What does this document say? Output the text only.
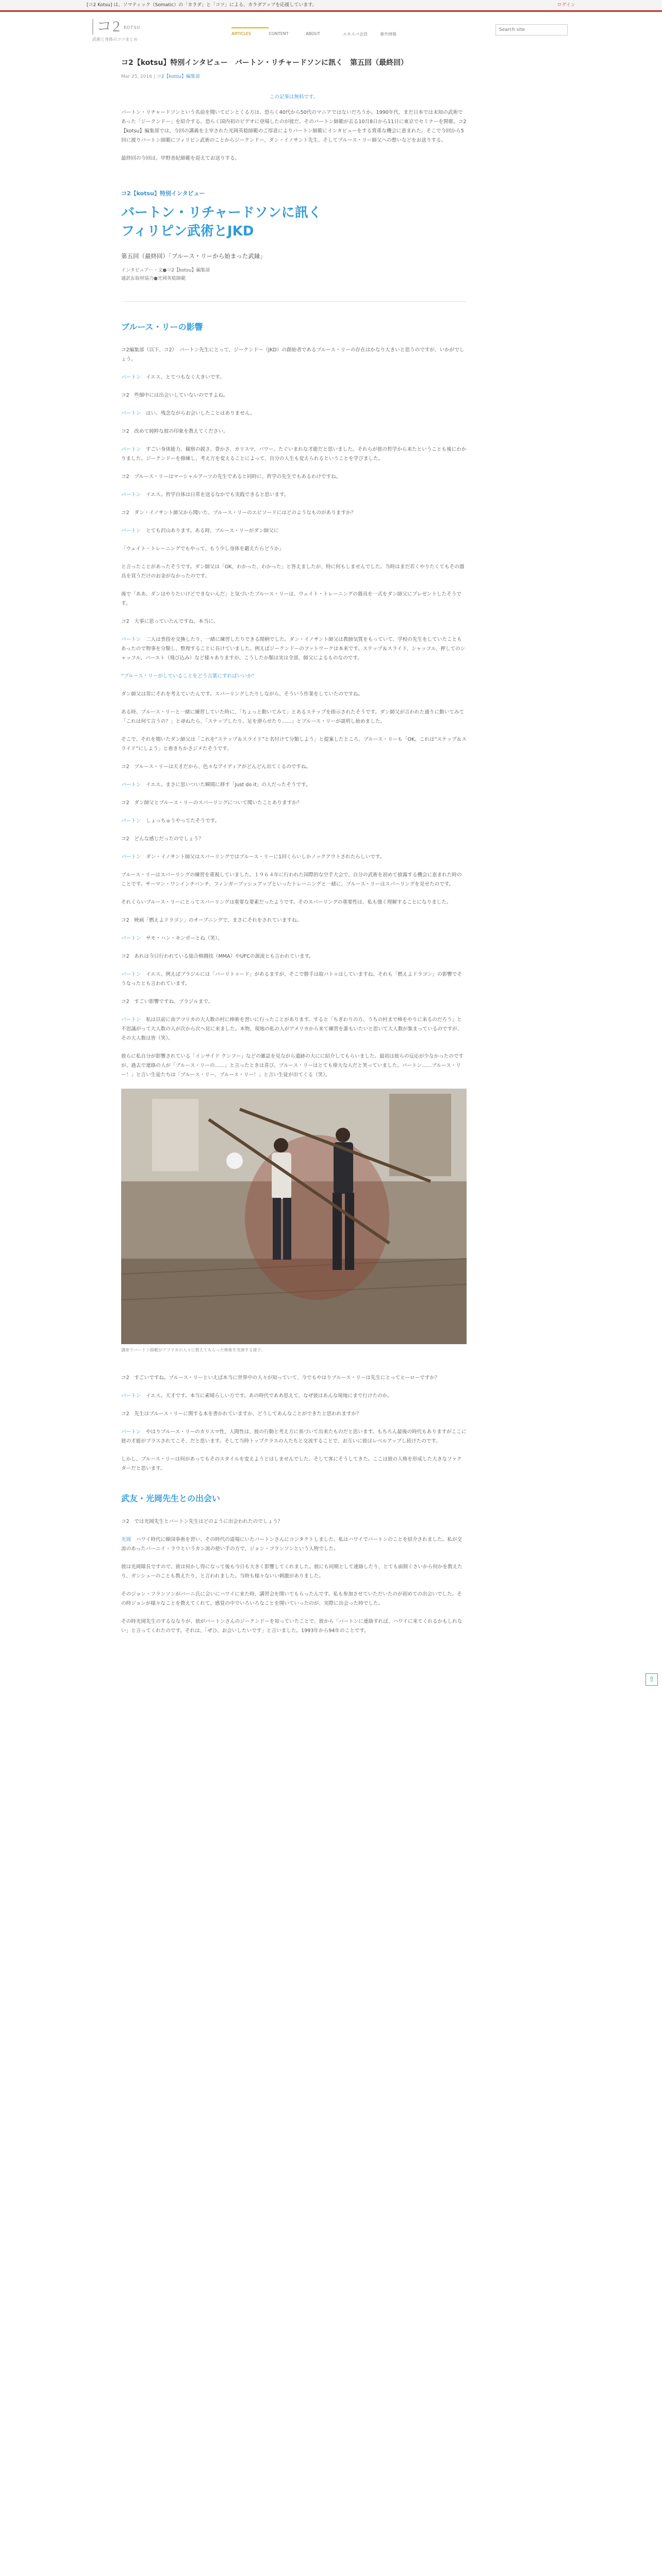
[コ2 Kotsu] は、ソマティック（Somatic）の「カラダ」と「コツ」による、カラダアップを応援しています。	ログイン
コ2 KOTSU
武術と身体のコツまとめ
ARTICLES	CONTENT	ABOUT	エキスパ会員	番外情報
Search site
コ2【kotsu】特別インタビュー　バートン・リチャードソンに訊く　第五回（最終回）
Mar 25, 2016 | コ2【kotsu】編集部
この記事は無料です。

バートン・リチャードソンという名前を聞いてピンとくる方は、恐らく40代から50代のマニアではないだろうか。1990年代、まだ日本では未知の武術であった「ジークンドー」を紹介する、恐らく国内初のビデオに登場したのが彼だ。そのバートン師範が去る10月8日から11日に東京でセミナーを開催。コ2【kotsu】編集部では、今回の講義を主宰された光岡英稔師範のご厚意によりバートン師範にインタビューをする貴重な機会に恵まれた。そこで今回から5回に渡りバートン師範にフィリピン武術のことからジークンドー、ダン・イノサント先生、そしてブルース・リー師父への想いなどをお送りする。

最終回の今回は、甲野善紀師範を迎えてお送りする。

コ2【kotsu】特別インタビュー
バートン・リチャードソンに訊く
フィリピン武術とJKD
第五回（最終回）「ブルース・リーから始まった武縁」

インタビュアー・文●コ2【kotsu】編集部

通訳＆取材協力●光岡英稔師範

ブルース・リーの影響

コ2編集部（以下、コ2）　バートン先生にとって、ジークンドー（JKD）の創始者であるブルース・リーの存在はかなり大きいと思うのですが、いかがでしょう。

バートン　 イエス、とてつもなく大きいです。

コ2　些細中には出会いしていないのですよね。

バートン　 はい。残念ながらお会いしたことはありません。

コ2　改めて純粋な彼の印象を教えてください。

バートン　 すごい身体能力、観察の鋭さ、豊かさ、カリスマ、パワー、たぐいまれな才能だと思いました。それらが彼の哲学から来たということも後にわかりました。ジークンドーを修練し、考え方を変えることによって、自分の人生も変えられるということを学びました。

コ2　ブルース・リーはマーシャルアーツの先生であると同時に、哲学の先生でもあるわけですね。

バートン　 イエス。哲学自体は日常を送るなかでも実践できると思います。

コ2　ダン・イノサント師父から聞いた、ブルース・リーのエピソードにはどのようなものがありますか？

バートン　 とても沢山あります。ある時、ブルース・リーがダン師父に

「ウェイト・トレーニングでもやって、もう少し身体を鍛えたらどうか」

と言ったことがあったそうです。ダン師父は「OK、わかった、わかった」と答えましたが、特に何もしませんでした。当時はまだ若くやりたくてもその器具を買うだけのお金がなかったのです。

後で「ああ、ダンはやりたいけどできないんだ」と気づいたブルース・リーは、ウェイト・トレーニングの器具を一式をダン師父にプレゼントしたそうです。

コ2　大事に思っていたんですね、本当に。

バートン　 二人は普段を交換したり、一緒に練習したりできる間柄でした。ダン・イノサント師父は教師気質をもっていて、学校の先生をしていたこともあったので物事を分類し、整理することに長けていました。例えばジークンドーのフットワークは本来です。ステップ＆スライド、シャッフル、押してのシャッフル、バースト（飛び込み）など様々ありますが、こうしたか類は実は全部、師父によるものなのです。

“ブルース・リーがしていることをどう言葉にすればいいか”

ダン師父は常にそれを考えていたんです。スパーリングしたりしながら、そういう作業をしていたのですね。

ある時、ブルース・リーと一緒に練習していた時に、「ちょっと動いてみて」とあるステップを指示されたそうです。ダン師父が言われた通りに動いてみて「これは何て言うの？」と尋ねたら、「ステップしたり、足を滑らせたり……」とブルース・リーが説明し始めました。

そこで、それを聞いたダン師父は「これを“ステップ＆スライド”と名付けて分類しよう」と提案したところ、ブルース・リーも「OK。これは“ステップ＆スライド”にしよう」と着きちかさジメたそうです。

コ2　ブルース・リーは天才だから、色々なアイディアがどんどん出てくるのですね。

バートン　 イエス。まさに思いついた瞬間に移す「Just do it」の人だったそうです。

コ2　ダン師父とブルース・リーのスパーリングについて聞いたことありますか？

バートン　 しょっちゅうやってたそうです。

コ2　どんな感じだったのでしょう？

バートン　 ダン・イノサント師父はスパーリングではブルース・リーに1回くらいしかノックアウトされたらしいです。

ブルース・リーはスパーリングの練習を重視していました。１９６４年に行われた国際的な空手大会で、自分の武術を初めて披露する機会に恵まれた時のことです。サーマン・ワンインチパンチ、フィンガーブッシュアップといったトレーニングと一緒に、ブルース・リーはスパーリングを見せたのです。

それくらいブルース・リーにとってスパーリングは重要な要素だったようです。そのスパーリングの重要性は、私も強く理解することになりました。

コ2　映画「燃えよドラゴン」のオープニングで、まさにそれをされていますね。

バートン　 サモ・ハン・キンポーとね（笑）。

コ2　あれは今日行われている総合格闘技（MMA）やUFCの源流とも言われています。

バートン　 イエス。例えばブラジルには「バーリトゥード」があるますが、そこで勝手は取バトゥはしていますね。それも「燃えよドラゴン」の影響でそうなったとも言われています。

コ2　すごい影響ですね、ブラジルまで。

バートン　 私は以前に南アフリカの大人数の村に棒術を習いに行ったことがあります。すると「ちぎわりの方、うちの村まで棒をやりに来るのだろう」と不思議がって大人数の人が次から次へ見に来ました。本物、現地の私の人がアメリカから来て練習を誰もいたいと思いて大人数が集まっているのですが、その大人数は皆（笑）。

彼らに私自分が影響されている「インサイド クンフー」などの雑誌を見ながら遺跡の大にに紹介してもらいました。最初は彼らの反応が少なかったのですが、過去で連絡の人が「ブルース・リーの……」と言ったときは喜び、ブルース・リーはとても偉大な人だと笑っていました。バートン……ブルース・リー！」と言い生徒たちは「ブルース・リー、ブルース・リー！」と言い生徒が出てくる（笑）。

講座でバートン師範がアフリカの人々に教えてもらった棒術を実演する様子。

コ2　すごいですね。ブルース・リーといえば本当に世界中の人々が知っていて、今でもやはりブルース・リーは先生にとってヒーローですか？

バートン　 イエス。天才です。本当に素晴らしい方です。あの時代でああ思えて、なぜ彼はあんな境地にまで行けたのか。

コ2　先生はブルース・リーに関する本を書かれていますか、どうしてあんなことができたと思われますか？

バートン　 やはりブルース・リーのカリスマ性、人間性は、彼の行動と考え方に基づいて出来たものだと思います。もちろん最後の時代もありますがここに彼の才能がプラスされてこそ、だと思います。そして当時トップクラスの人たちと交流することで、お互いに彼はレベルアップし続けたのです。

しかし、ブルース・リーは何があってもそのスタイルを変えようとはしませんでした。そして客にそうしてきた。ここは彼の人格を形成した大きなファクターだと思います。

武友・光岡先生との出会い

コ2　では光岡先生とバートン先生はどのように出会われたのでしょう？

光岡　 ハワイ時代に韓国拳術を習い、その時代の道場にいたバートンさんにコンタクトしました。私はハワイでバートンのことを紹介されました。私が交流のあったバーニイ・ラウというカン流の使い手の方で、ジョン・フランソンという人物でした。

彼は光岡隊長ですので、彼は何かし得になって後も今日も大きく影響してくれました。彼にも同期として連絡したり、とても面倒くさいから何かを教えたり、ガンシューのことも教えたり、と言われました。当時も様々ないい刺激がありました。

そのジョン・フランソンがバーニ氏に会いにハワイに来た時、講習会を開いてもらったんです。私も参加させていただいたのが初めての出会いでした。その時ジョンが様々なことを教えてくれて、感覚の中でいろいろなことを開いていったのが、実際に出会った時でした。

その時光岡先生のするななりが、彼がバートンさんのジークンドーを知っていたことで、彼から「バートンに連絡すれば、ハワイに来てくれるかもしれない」と言ってくれたのです。それは、「ぜひ、お会いしたいです」と言いました。1993年から94年のことです。

⇧
